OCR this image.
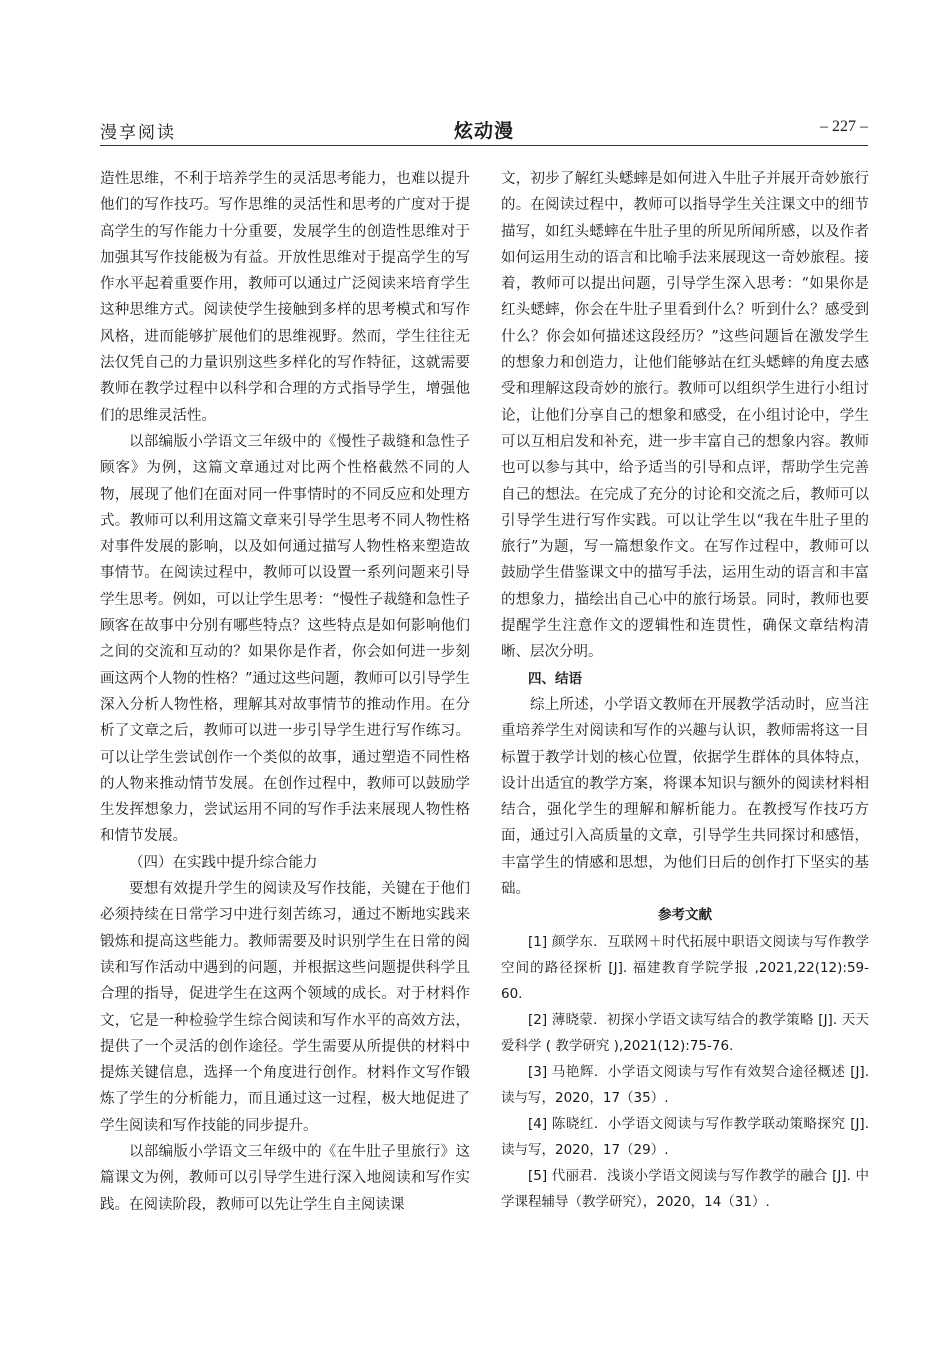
漫享阅读	炫动漫	– 227 –

造性思维，不利于培养学生的灵活思考能力，也难以提升他们的写作技巧。写作思维的灵活性和思考的广度对于提高学生的写作能力十分重要，发展学生的创造性思维对于加强其写作技能极为有益。开放性思维对于提高学生的写作水平起着重要作用，教师可以通过广泛阅读来培育学生这种思维方式。阅读使学生接触到多样的思考模式和写作风格，进而能够扩展他们的思维视野。然而，学生往往无法仅凭自己的力量识别这些多样化的写作特征，这就需要教师在教学过程中以科学和合理的方式指导学生，增强他们的思维灵活性。

以部编版小学语文三年级中的《慢性子裁缝和急性子顾客》为例，这篇文章通过对比两个性格截然不同的人物，展现了他们在面对同一件事情时的不同反应和处理方式。教师可以利用这篇文章来引导学生思考不同人物性格对事件发展的影响，以及如何通过描写人物性格来塑造故事情节。在阅读过程中，教师可以设置一系列问题来引导学生思考。例如，可以让学生思考：“慢性子裁缝和急性子顾客在故事中分别有哪些特点？这些特点是如何影响他们之间的交流和互动的？如果你是作者，你会如何进一步刻画这两个人物的性格？”通过这些问题，教师可以引导学生深入分析人物性格，理解其对故事情节的推动作用。在分析了文章之后，教师可以进一步引导学生进行写作练习。可以让学生尝试创作一个类似的故事，通过塑造不同性格的人物来推动情节发展。在创作过程中，教师可以鼓励学生发挥想象力，尝试运用不同的写作手法来展现人物性格和情节发展。

（四）在实践中提升综合能力

要想有效提升学生的阅读及写作技能，关键在于他们必须持续在日常学习中进行刻苦练习，通过不断地实践来锻炼和提高这些能力。教师需要及时识别学生在日常的阅读和写作活动中遇到的问题，并根据这些问题提供科学且合理的指导，促进学生在这两个领域的成长。对于材料作文，它是一种检验学生综合阅读和写作水平的高效方法，提供了一个灵活的创作途径。学生需要从所提供的材料中提炼关键信息，选择一个角度进行创作。材料作文写作锻炼了学生的分析能力，而且通过这一过程，极大地促进了学生阅读和写作技能的同步提升。

以部编版小学语文三年级中的《在牛肚子里旅行》这篇课文为例，教师可以引导学生进行深入地阅读和写作实践。在阅读阶段，教师可以先让学生自主阅读课

文，初步了解红头蟋蟀是如何进入牛肚子并展开奇妙旅行的。在阅读过程中，教师可以指导学生关注课文中的细节描写，如红头蟋蟀在牛肚子里的所见所闻所感，以及作者如何运用生动的语言和比喻手法来展现这一奇妙旅程。接着，教师可以提出问题，引导学生深入思考：“如果你是红头蟋蟀，你会在牛肚子里看到什么？听到什么？感受到什么？你会如何描述这段经历？”这些问题旨在激发学生的想象力和创造力，让他们能够站在红头蟋蟀的角度去感受和理解这段奇妙的旅行。教师可以组织学生进行小组讨论，让他们分享自己的想象和感受，在小组讨论中，学生可以互相启发和补充，进一步丰富自己的想象内容。教师也可以参与其中，给予适当的引导和点评，帮助学生完善自己的想法。在完成了充分的讨论和交流之后，教师可以引导学生进行写作实践。可以让学生以“我在牛肚子里的旅行”为题，写一篇想象作文。在写作过程中，教师可以鼓励学生借鉴课文中的描写手法，运用生动的语言和丰富的想象力，描绘出自己心中的旅行场景。同时，教师也要提醒学生注意作文的逻辑性和连贯性，确保文章结构清晰、层次分明。

四、结语

综上所述，小学语文教师在开展教学活动时，应当注重培养学生对阅读和写作的兴趣与认识，教师需将这一目标置于教学计划的核心位置，依据学生群体的具体特点，设计出适宜的教学方案，将课本知识与额外的阅读材料相结合，强化学生的理解和解析能力。在教授写作技巧方面，通过引入高质量的文章，引导学生共同探讨和感悟，丰富学生的情感和思想，为他们日后的创作打下坚实的基础。

参考文献

[1] 颜学东．互联网＋时代拓展中职语文阅读与写作教学空间的路径探析 [J]. 福建教育学院学报 ,2021,22(12):59-60.

[2] 薄晓蒙．初探小学语文读写结合的教学策略 [J]. 天天爱科学 ( 教学研究 ),2021(12):75-76.

[3] 马艳辉．小学语文阅读与写作有效契合途径概述 [J]. 读与写，2020，17（35）.

[4] 陈晓红．小学语文阅读与写作教学联动策略探究 [J]. 读与写，2020，17（29）.

[5] 代丽君．浅谈小学语文阅读与写作教学的融合 [J]. 中学课程辅导（教学研究），2020，14（31）.
